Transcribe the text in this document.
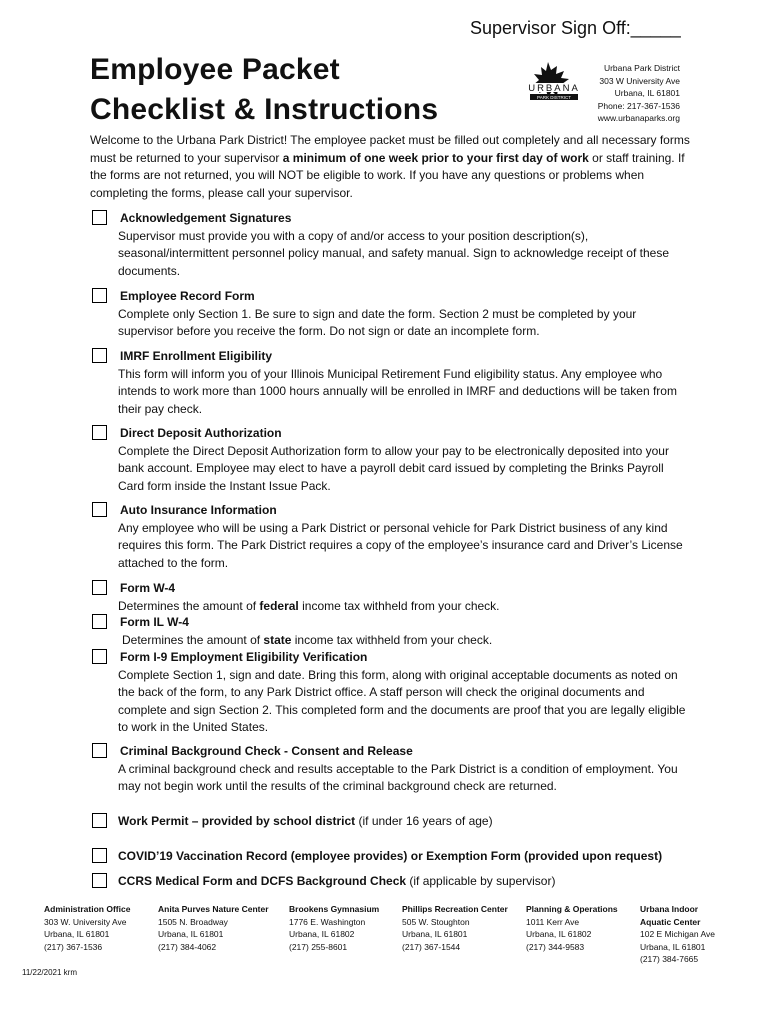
Supervisor Sign Off:_____
Employee Packet
Checklist & Instructions
URBANA
PARK DISTRICT
Urbana Park District
303 W University Ave
Urbana, IL 61801
Phone: 217-367-1536
www.urbanaparks.org
Welcome to the Urbana Park District! The employee packet must be filled out completely and all necessary forms must be returned to your supervisor a minimum of one week prior to your first day of work or staff training. If the forms are not returned, you will NOT be eligible to work. If you have any questions or problems when completing the forms, please call your supervisor.
Acknowledgement Signatures
Supervisor must provide you with a copy of and/or access to your position description(s), seasonal/intermittent personnel policy manual, and safety manual. Sign to acknowledge receipt of these documents.
Employee Record Form
Complete only Section 1. Be sure to sign and date the form. Section 2 must be completed by your supervisor before you receive the form. Do not sign or date an incomplete form.
IMRF Enrollment Eligibility
This form will inform you of your Illinois Municipal Retirement Fund eligibility status. Any employee who intends to work more than 1000 hours annually will be enrolled in IMRF and deductions will be taken from their pay check.
Direct Deposit Authorization
Complete the Direct Deposit Authorization form to allow your pay to be electronically deposited into your bank account. Employee may elect to have a payroll debit card issued by completing the Brinks Payroll Card form inside the Instant Issue Pack.
Auto Insurance Information
Any employee who will be using a Park District or personal vehicle for Park District business of any kind requires this form. The Park District requires a copy of the employee’s insurance card and Driver’s License attached to the form.
Form W-4
Determines the amount of federal income tax withheld from your check.
Form IL W-4
Determines the amount of state income tax withheld from your check.
Form I-9 Employment Eligibility Verification
Complete Section 1, sign and date. Bring this form, along with original acceptable documents as noted on the back of the form, to any Park District office. A staff person will check the original documents and complete and sign Section 2. This completed form and the documents are proof that you are legally eligible to work in the United States.
Criminal Background Check - Consent and Release
A criminal background check and results acceptable to the Park District is a condition of employment. You may not begin work until the results of the criminal background check are returned.
Work Permit – provided by school district (if under 16 years of age)
COVID’19 Vaccination Record (employee provides) or Exemption Form (provided upon request)
CCRS Medical Form and DCFS Background Check (if applicable by supervisor)
Administration Office
303 W. University Ave
Urbana, IL 61801
(217) 367-1536
Anita Purves Nature Center
1505 N. Broadway
Urbana, IL 61801
(217) 384-4062
Brookens Gymnasium
1776 E. Washington
Urbana, IL 61802
(217) 255-8601
Phillips Recreation Center
505 W. Stoughton
Urbana, IL 61801
(217) 367-1544
Planning & Operations
1011 Kerr Ave
Urbana, IL 61802
(217) 344-9583
Urbana Indoor
Aquatic Center
102 E Michigan Ave
Urbana, IL 61801
(217) 384-7665
11/22/2021 krm
